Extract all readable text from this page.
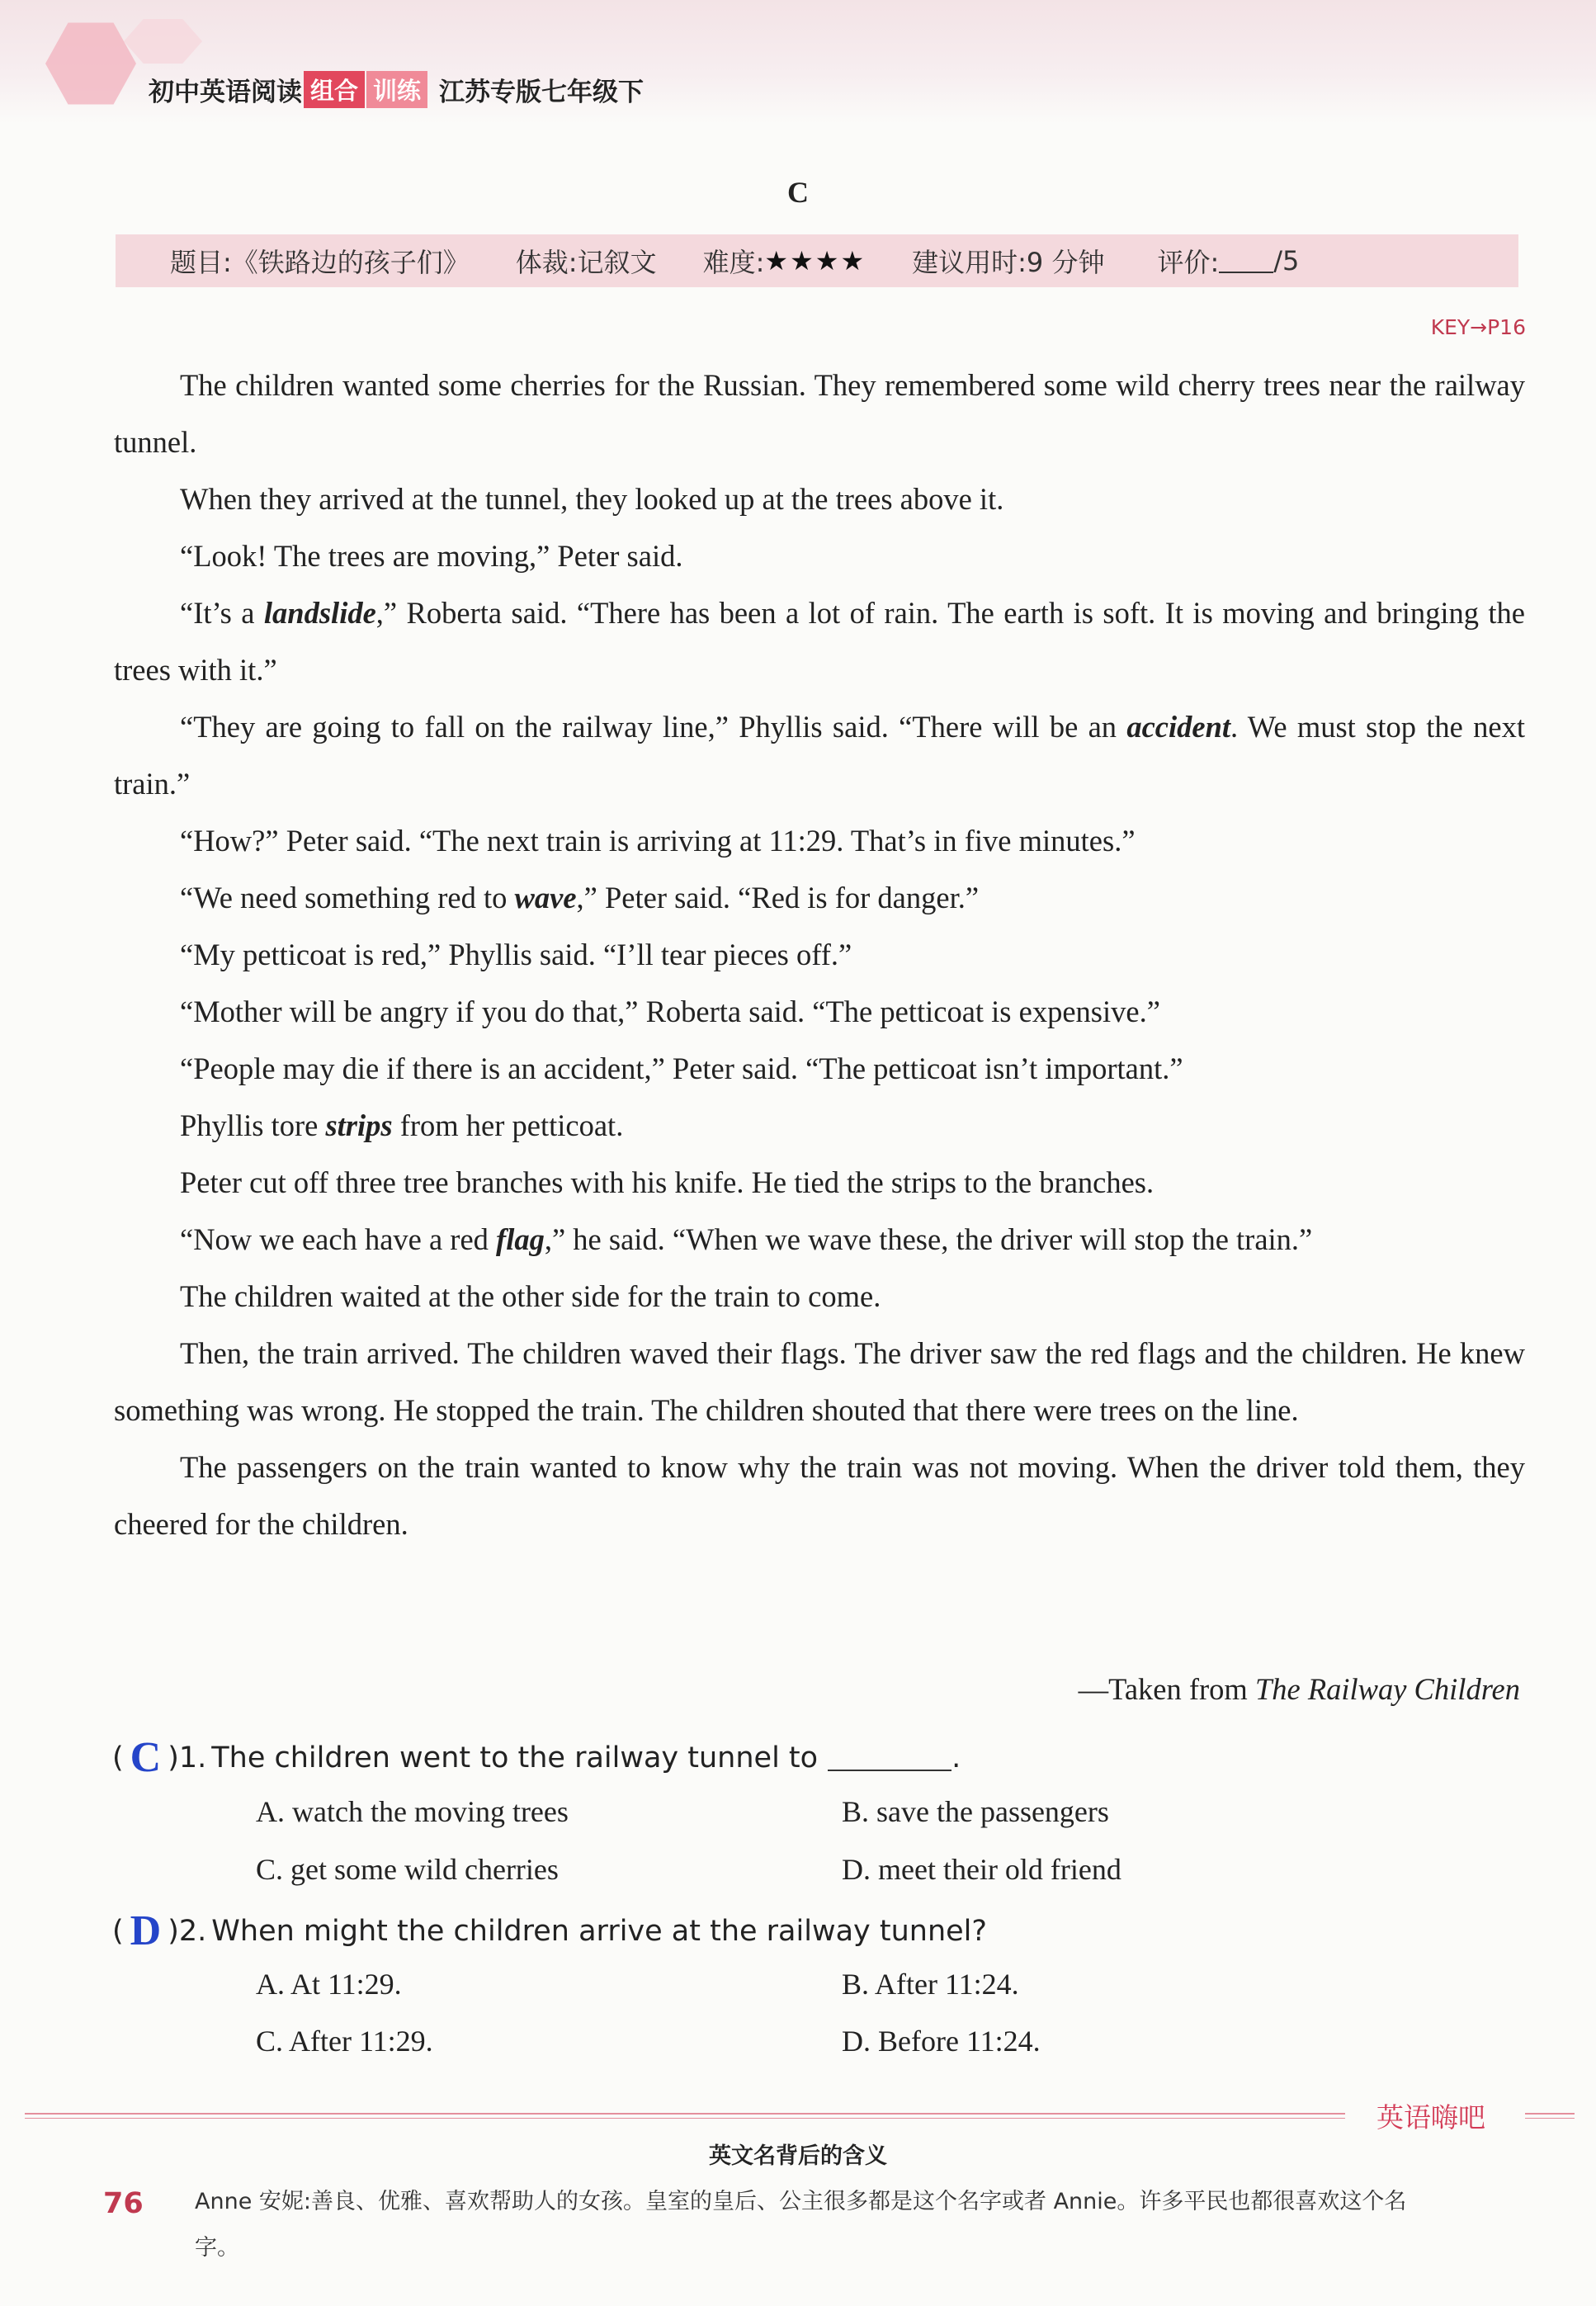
初中英语阅读 组合 训练 江苏专版七年级下
C
题目:《铁路边的孩子们》 体裁:记叙文 难度: ★★★★ 建议用时:9 分钟 评价: /5
KEY→P16

The children wanted some cherries for the Russian. They remembered some wild cherry trees near the railway tunnel.

When they arrived at the tunnel, they looked up at the trees above it.

“Look! The trees are moving,” Peter said.

“It’s a landslide,” Roberta said. “There has been a lot of rain. The earth is soft. It is moving and bringing the trees with it.”

“They are going to fall on the railway line,” Phyllis said. “There will be an accident. We must stop the next train.”

“How?” Peter said. “The next train is arriving at 11:29. That’s in five minutes.”

“We need something red to wave,” Peter said. “Red is for danger.”

“My petticoat is red,” Phyllis said. “I’ll tear pieces off.”

“Mother will be angry if you do that,” Roberta said. “The petticoat is expensive.”

“People may die if there is an accident,” Peter said. “The petticoat isn’t important.”

Phyllis tore strips from her petticoat.

Peter cut off three tree branches with his knife. He tied the strips to the branches.

“Now we each have a red flag,” he said. “When we wave these, the driver will stop the train.”

The children waited at the other side for the train to come.

Then, the train arrived. The children waved their flags. The driver saw the red flags and the children. He knew something was wrong. He stopped the train. The children shouted that there were trees on the line.

The passengers on the train wanted to know why the train was not moving. When the driver told them, they cheered for the children.

—Taken from The Railway Children
( C )1. The children went to the railway tunnel to	.
A. watch the moving trees	B. save the passengers
C. get some wild cherries	D. meet their old friend
( D )2. When might the children arrive at the railway tunnel?
A. At 11:29.	B. After 11:24.
C. After 11:29.	D. Before 11:24.
英语嗨吧
英文名背后的含义
76 Anne 安妮:善良、优雅、喜欢帮助人的女孩。皇室的皇后、公主很多都是这个名字或者 Annie。许多平民也都很喜欢这个名字。
